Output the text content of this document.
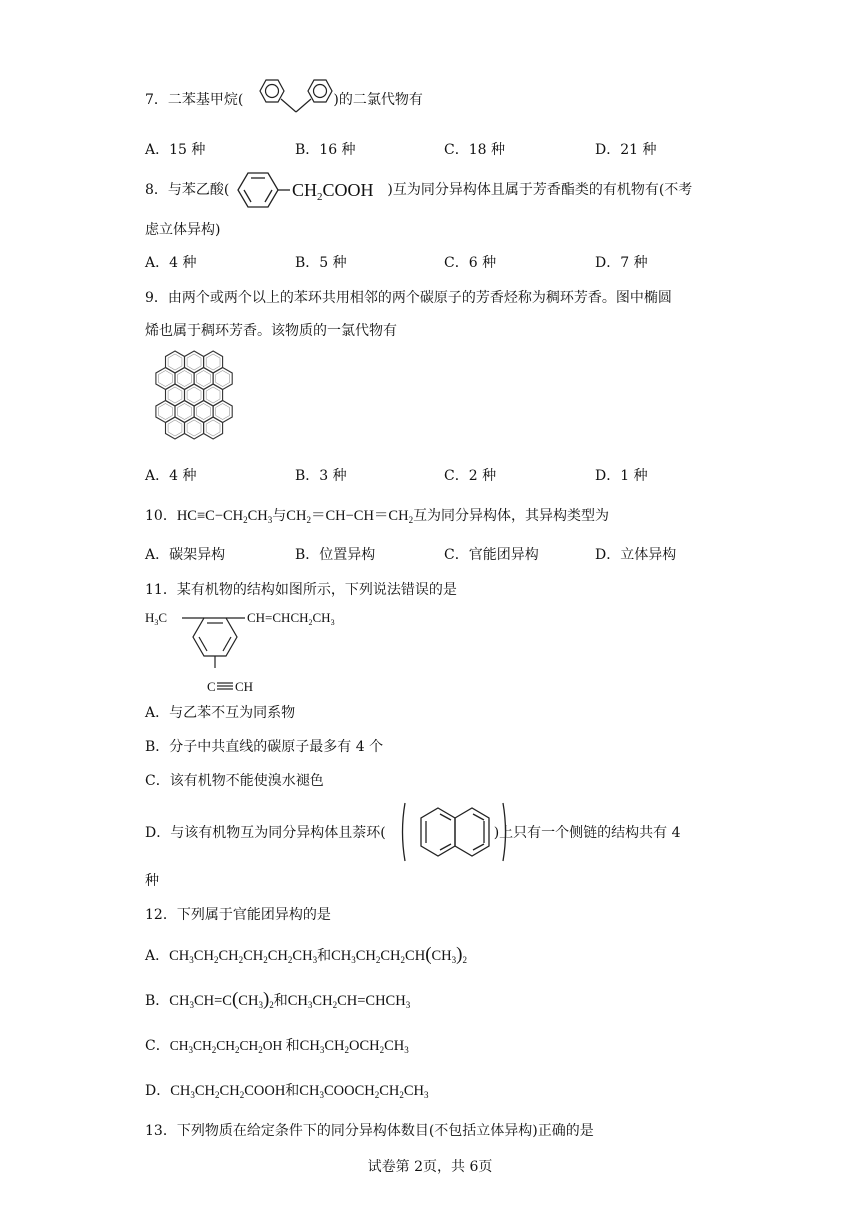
7．二苯基甲烷(	)的二氯代物有
A．15 种	B．16 种	C．18 种	D．21 种
8．与苯乙酸(	)互为同分异构体且属于芳香酯类的有机物有(不考
$CH_2COOH$
虑立体异构)
A．4 种	B．5 种	C．6 种	D．7 种
9．由两个或两个以上的苯环共用相邻的两个碳原子的芳香烃称为稠环芳香。图中椭圆
烯也属于稠环芳香。该物质的一氯代物有
A．4 种	B．3 种	C．2 种	D．1 种
10．$HC\equiv C-CH_2CH_3$与$CH_2=CH-CH=CH_2$互为同分异构体，其异构类型为
A．碳架异构	B．位置异构	C．官能团异构	D．立体异构
11．某有机物的结构如图所示，下列说法错误的是
$H_3C$	$CH=CHCH_2CH_3$
C CH
A．与乙苯不互为同系物
B．分子中共直线的碳原子最多有 4 个
C．该有机物不能使溴水褪色
D．与该有机物互为同分异构体且萘环(	)上只有一个侧链的结构共有 4
种
12．下列属于官能团异构的是
A．$CH_3CH_2CH_2CH_2CH_2CH_3$和$CH_3CH_2CH_2CH(CH_3)_2$
B．$CH_3CH=C(CH_3)_2$和$CH_3CH_2CH=CHCH_3$
C．$CH_3CH_2CH_2CH_2OH$ 和$CH_3CH_2OCH_2CH_3$
D．$CH_3CH_2CH_2COOH$和$CH_3COOCH_2CH_2CH_3$
13．下列物质在给定条件下的同分异构体数目(不包括立体异构)正确的是
试卷第 2页，共 6页
